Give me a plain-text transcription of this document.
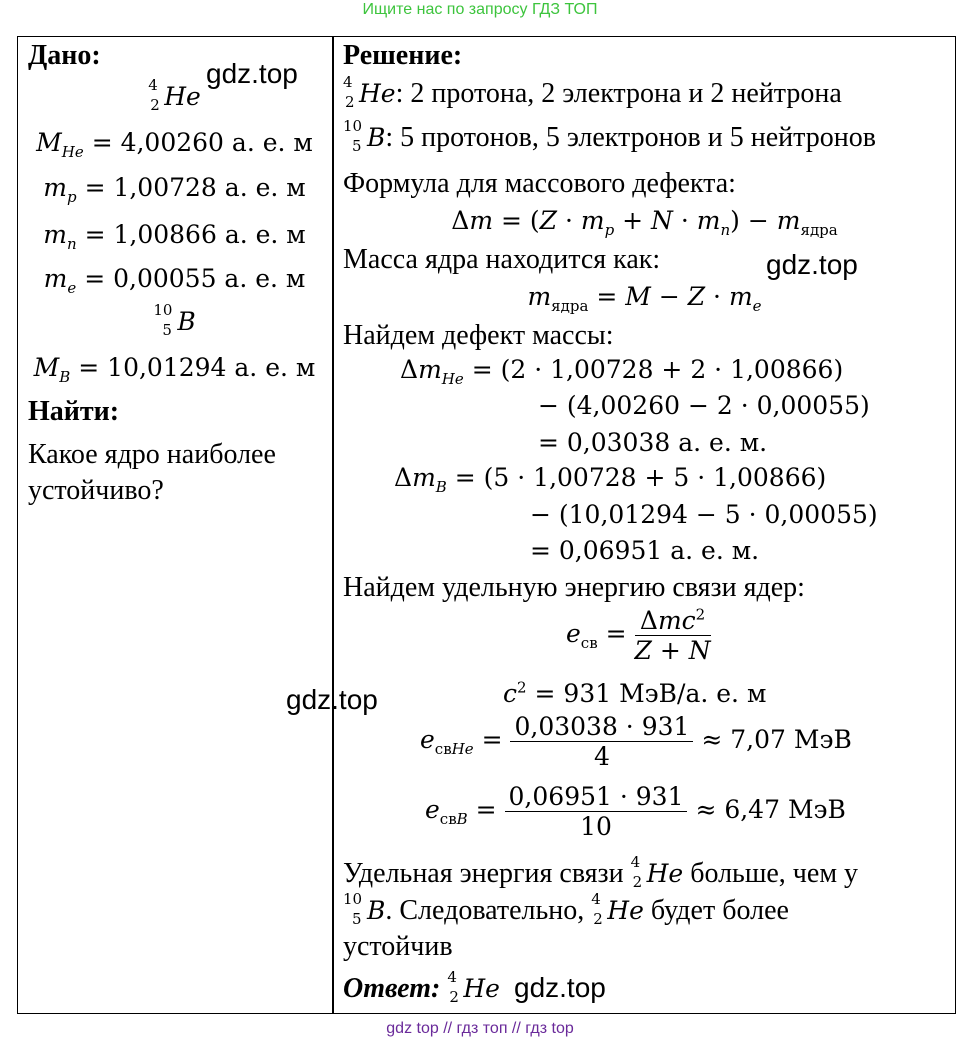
Ищите нас по запросу ГДЗ ТОП
Дано:
4
2 He
$M_{He} = 4,00260$ а. е. м
$m_p = 1,00728$ а. е. м
$m_n = 1,00866$ а. е. м
$m_e = 0,00055$ а. е. м
10
5 B
$M_B = 10,01294$ а. е. м
Найти:
Какое ядро наиболее
устойчиво?
Решение:
4
2 He: 2 протона, 2 электрона и 2 нейтрона
10
5 B: 5 протонов, 5 электронов и 5 нейтронов
Формула для массового дефекта:
$\Delta m = (Z \cdot m_p + N \cdot m_n) - m_{ядра}$
Масса ядра находится как:
$m_{ядра} = M - Z \cdot m_e$
Найдем дефект массы:
$\Delta m_{He} = (2 \cdot 1,00728 + 2 \cdot 1,00866)$
− (4,00260 − 2 · 0,00055)
= 0,03038 а. е. м.
$\Delta m_B = (5 \cdot 1,00728 + 5 \cdot 1,00866)$
− (10,01294 − 5 · 0,00055)
= 0,06951 а. е. м.
Найдем удельную энергию связи ядер:
$e_{св} = \frac{\Delta mc^2}{Z + N}$
$c^2 = 931$ МэВ/а. е. м
$e_{свHe} = \frac{0,03038 \cdot 931}{4} \approx 7,07$ МэВ
$e_{свB} = \frac{0,06951 \cdot 931}{10} \approx 6,47$ МэВ
Удельная энергия связи 4
2 He больше, чем у
10
5 B. Следовательно, 4
2 He будет более
устойчив
Ответ: 4
2 He
gdz.top
gdz.top
gdz.top
gdz.top
gdz top // гдз топ // гдз top
